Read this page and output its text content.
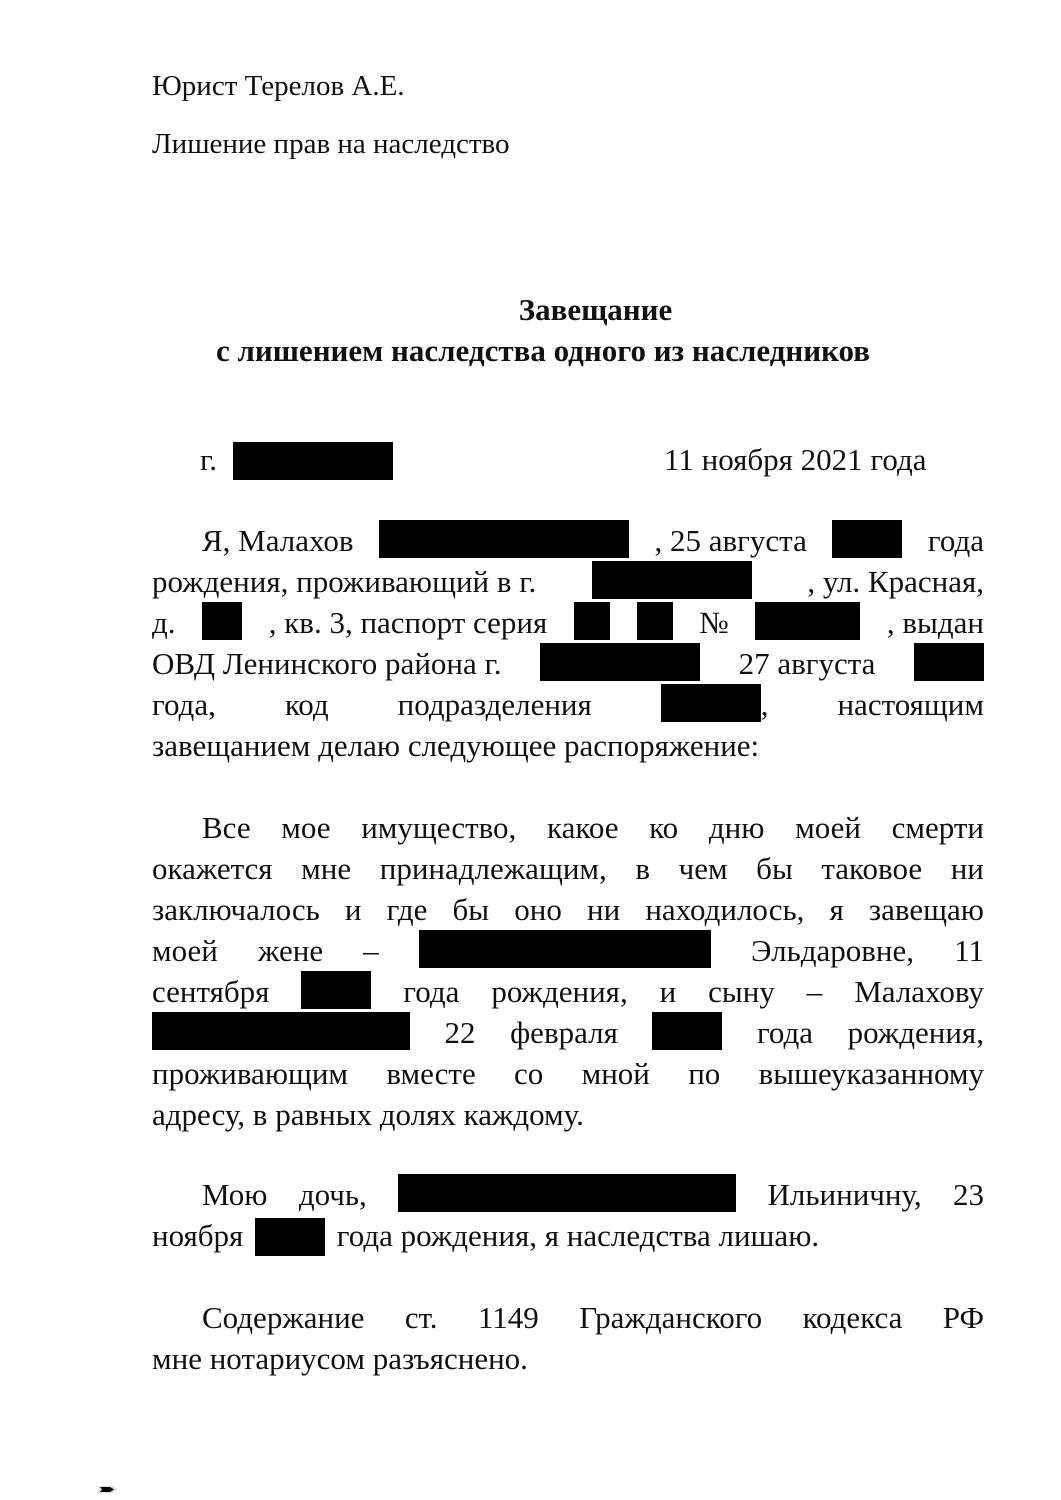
Юрист Терелов А.Е.
Лишение прав на наследство
Завещание
с лишением наследства одного из наследников
г.	11 ноября 2021 года
Я, Малахов	, 25 августа	года
рождения, проживающий в г.	, ул. Красная,
д.	, кв. 3, паспорт серия	№	, выдан
ОВД Ленинского района г.	27 августа
года, код подразделения	, настоящим
завещанием делаю следующее распоряжение:
Все мое имущество, какое ко дню моей смерти
окажется мне принадлежащим, в чем бы таковое ни
заключалось и где бы оно ни находилось, я завещаю
моей жене –	Эльдаровне, 11
сентября	года рождения, и сыну – Малахову
22 февраля	года рождения,
проживающим вместе со мной по вышеуказанному
адресу, в равных долях каждому.
Мою дочь,	Ильиничну, 23
ноября	года рождения, я наследства лишаю.
Содержание ст. 1149 Гражданского кодекса РФ
мне нотариусом разъяснено.
